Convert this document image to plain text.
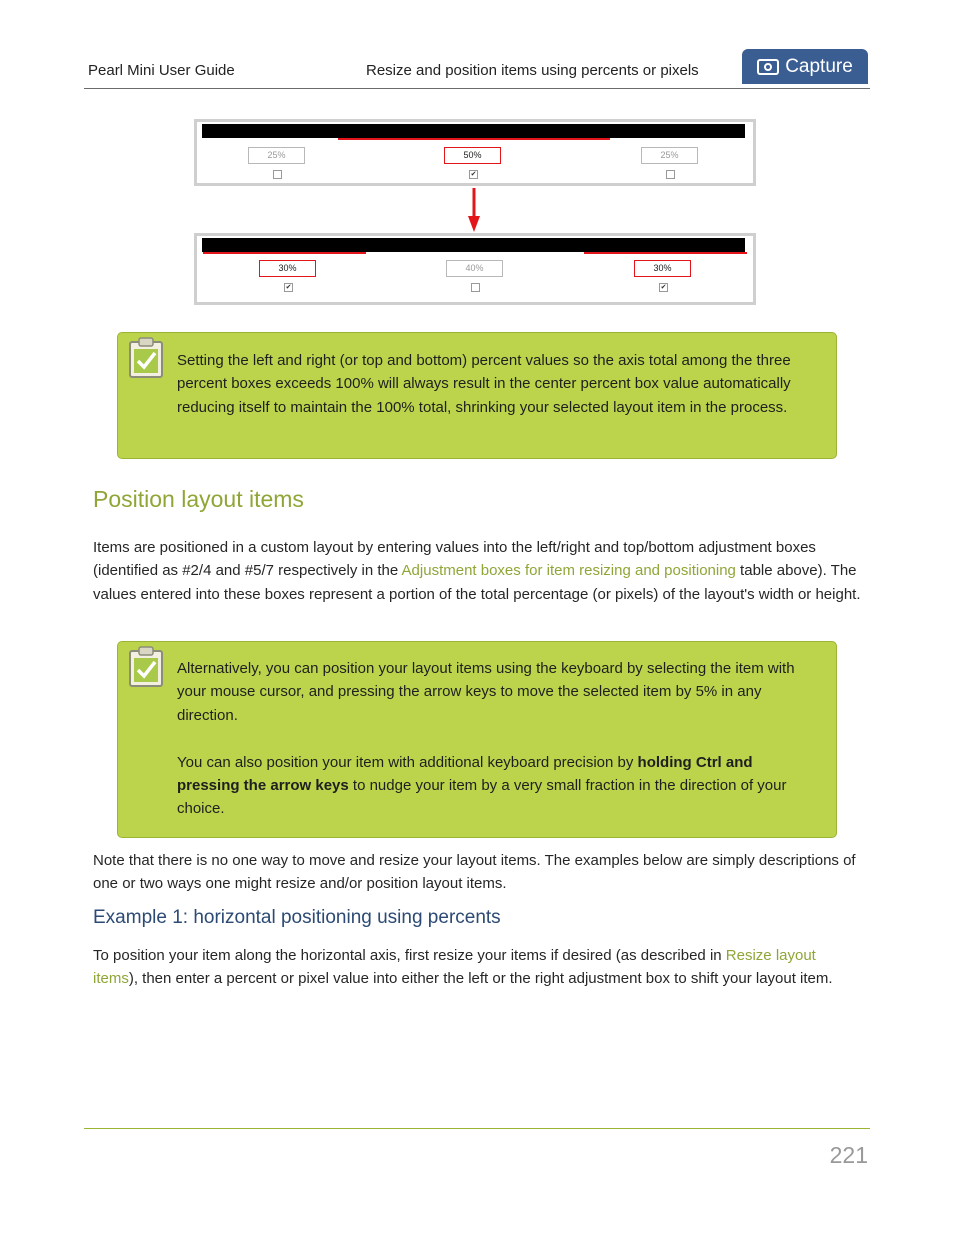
Pearl Mini User Guide	Resize and position items using percents or pixels	Capture
25%	50%	25%
✔
30%	40%	30%
✔	✔

Setting the left and right (or top and bottom) percent values so the axis total among the three percent boxes exceeds 100% will always result in the center percent box value automatically reducing itself to maintain the 100% total, shrinking your selected layout item in the process.

Position layout items

Items are positioned in a custom layout by entering values into the left/right and top/bottom adjustment boxes (identified as #2/4 and #5/7 respectively in the Adjustment boxes for item resizing and positioning table above). The values entered into these boxes represent a portion of the total percentage (or pixels) of the layout's width or height.

Alternatively, you can position your layout items using the keyboard by selecting the item with your mouse cursor, and pressing the arrow keys to move the selected item by 5% in any direction.

You can also position your item with additional keyboard precision by holding Ctrl and pressing the arrow keys to nudge your item by a very small fraction in the direction of your choice.

Note that there is no one way to move and resize your layout items. The examples below are simply descriptions of one or two ways one might resize and/or position layout items.

Example 1: horizontal positioning using percents

To position your item along the horizontal axis, first resize your items if desired (as described in Resize layout items), then enter a percent or pixel value into either the left or the right adjustment box to shift your layout item.

221
